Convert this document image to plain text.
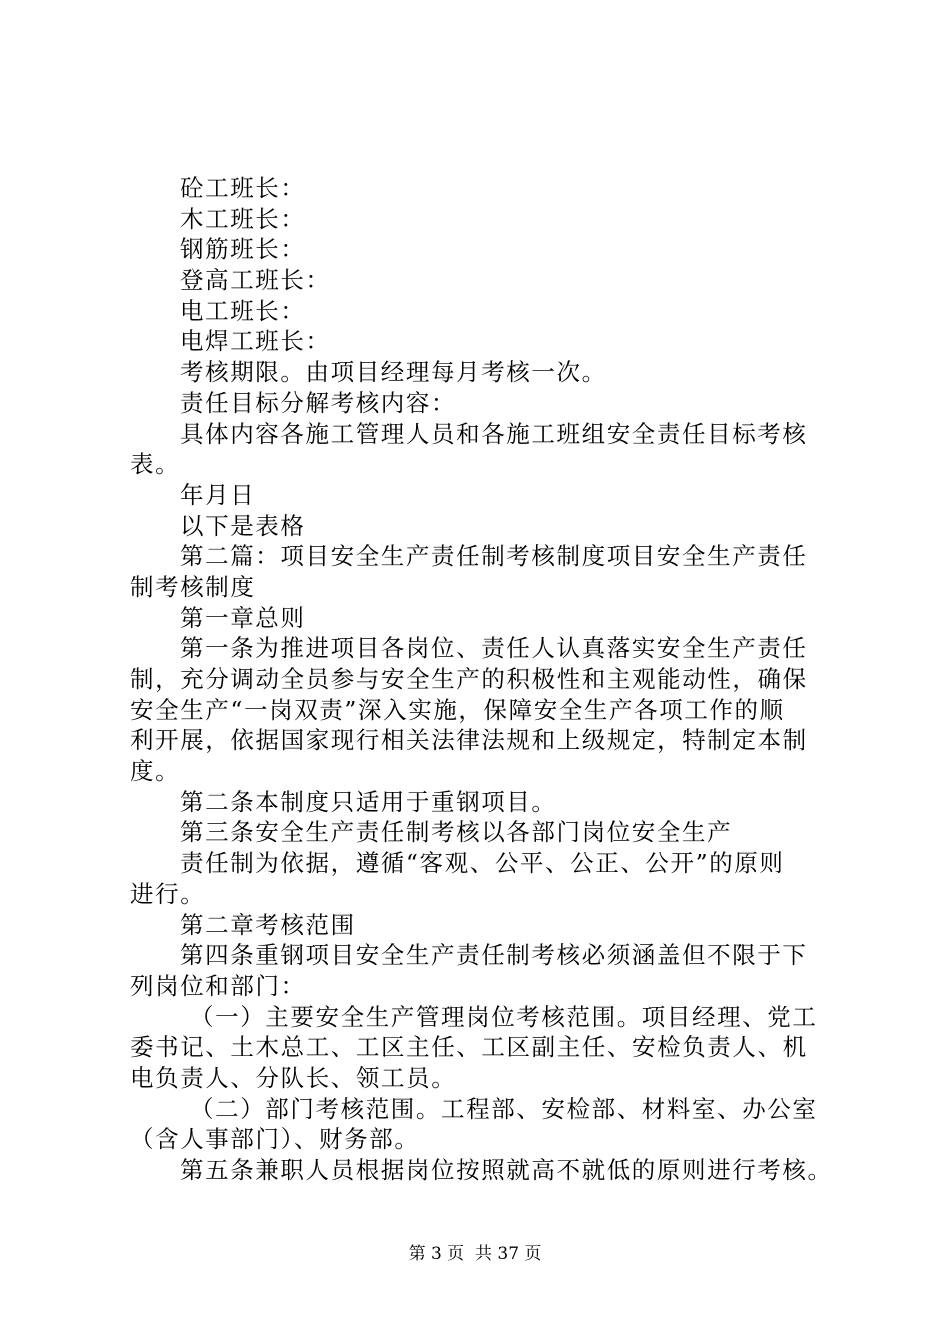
砼工班长：
木工班长：
钢筋班长：
登高工班长：
电工班长：
电焊工班长：
考核期限。由项目经理每月考核一次。
责任目标分解考核内容：
具体内容各施工管理人员和各施工班组安全责任目标考核
表。
年月日
以下是表格
第二篇：项目安全生产责任制考核制度项目安全生产责任
制考核制度
第一章总则
第一条为推进项目各岗位、责任人认真落实安全生产责任
制，充分调动全员参与安全生产的积极性和主观能动性，确保
安全生产“一岗双责”深入实施，保障安全生产各项工作的顺
利开展，依据国家现行相关法律法规和上级规定，特制定本制
度。
第二条本制度只适用于重钢项目。
第三条安全生产责任制考核以各部门岗位安全生产
责任制为依据，遵循“客观、公平、公正、公开”的原则
进行。
第二章考核范围
第四条重钢项目安全生产责任制考核必须涵盖但不限于下
列岗位和部门：
（一）主要安全生产管理岗位考核范围。项目经理、党工
委书记、土木总工、工区主任、工区副主任、安检负责人、机
电负责人、分队长、领工员。
（二）部门考核范围。工程部、安检部、材料室、办公室
（含人事部门）、财务部。
第五条兼职人员根据岗位按照就高不就低的原则进行考核。
第 3 页  共 37 页
